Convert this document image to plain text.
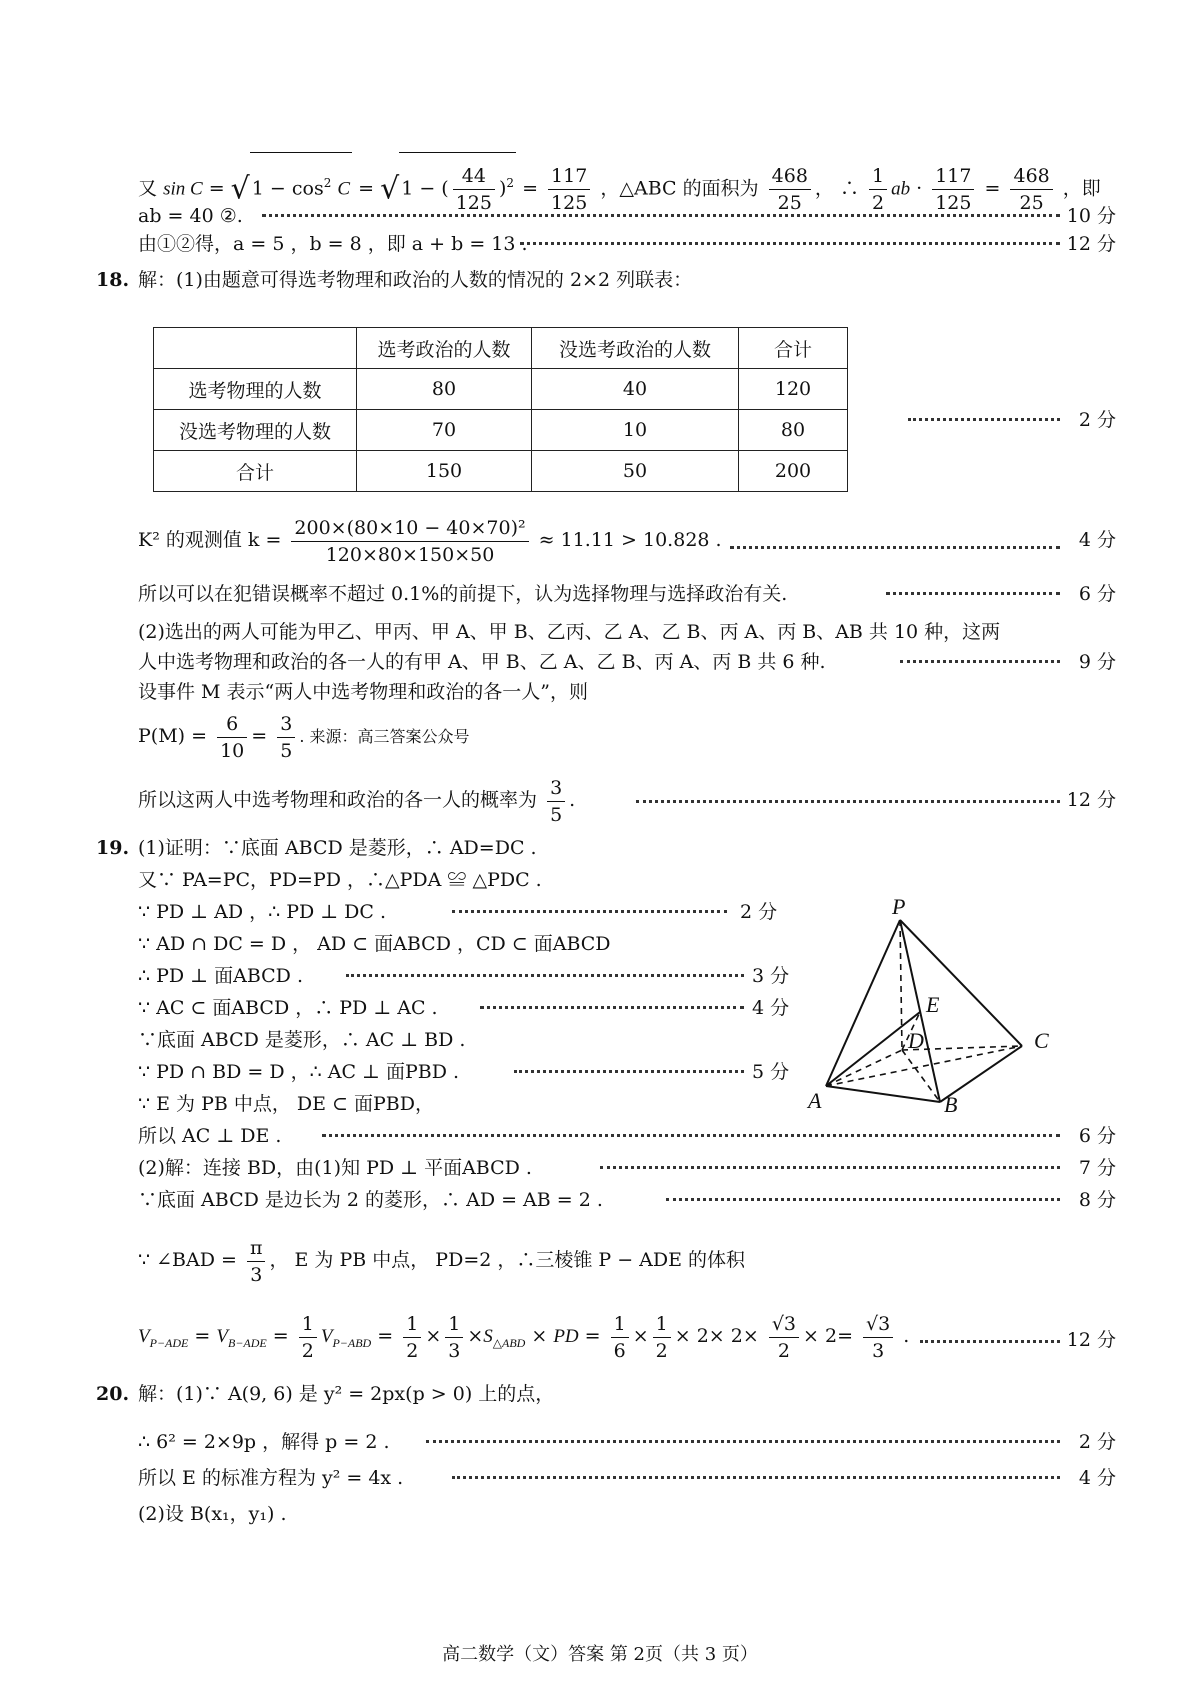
又 sin C = √ $1 - \cos^2 C$ = √ 1 − ( $\frac{44}{125} )^2 = \frac{117}{125}$ ，△ABC 的面积为 $\frac{468}{25}$ ， ∴ $\frac{1}{2}$ ab · $\frac{117}{125} = \frac{468}{25}$ ，即
ab = 40 ②.	10 分
由①②得，a = 5 ，b = 8 ，即 a + b = 13 .	12 分
18. 解：(1)由题意可得选考物理和政治的人数的情况的 2×2 列联表：
	选考政治的人数	没选考政治的人数	合计
选考物理的人数	80	40	120
没选考物理的人数	70	10	80
合计	150	50	200
2 分
K² 的观测值 $k = \frac{\text{200×(80×10 − 40×70)²}}{120\times 80\times 150\times 50} \approx 11.11 > 10.828$ .	4 分
所以可以在犯错误概率不超过 0.1%的前提下，认为选择物理与选择政治有关.	6 分
(2)选出的两人可能为甲乙、甲丙、甲 A、甲 B、乙丙、乙 A、乙 B、丙 A、丙 B、AB 共 10 种，这两
人中选考物理和政治的各一人的有甲 A、甲 B、乙 A、乙 B、丙 A、丙 B 共 6 种.	9 分
设事件 M 表示“两人中选考物理和政治的各一人”，则
$P(M) = \frac{6}{10} = \frac{3}{5}$ . 来源：高三答案公众号
所以这两人中选考物理和政治的各一人的概率为 $\frac{3}{5}$ .	12 分
19. (1)证明：∵底面 ABCD 是菱形，∴ AD=DC .
又∵ PA=PC，PD=PD ，∴△PDA ≌ △PDC .
∵ PD ⊥ AD ，∴ PD ⊥ DC .	2 分
∵ AD ∩ DC = D ， AD ⊂ 面ABCD ，CD ⊂ 面ABCD
∴ PD ⊥ 面ABCD .	3 分
∵ AC ⊂ 面ABCD ，∴ PD ⊥ AC .	4 分
∵底面 ABCD 是菱形，∴ AC ⊥ BD .
∵ PD ∩ BD = D ，∴ AC ⊥ 面PBD .	5 分
∵ E 为 PB 中点， DE ⊂ 面PBD，
所以 AC ⊥ DE .	6 分
(2)解：连接 BD，由(1)知 PD ⊥ 平面ABCD .	7 分
∵底面 ABCD 是边长为 2 的菱形，∴ AD = AB = 2 .	8 分
∵ ∠BAD = $\frac{\pi}{3}$ ， E 为 PB 中点， PD=2 ，∴三棱锥 P − ADE 的体积
$V_{P-ADE} = V_{B-ADE} = \frac{1}{2} V_{P-ABD} = \frac{1}{2} \times \frac{1}{3} \times S_{\triangle ABD}$ × PD = $\frac{1}{6} \times \frac{1}{2} \times 2\times 2\times \frac{√3}{2} \times 2= \frac{√3}{3}$ .	12 分
P
E
D	C
A	B
20. 解：(1)∵ A(9, 6) 是 y² = 2px(p > 0) 上的点，
∴ 6² = 2×9p ，解得 p = 2 .	2 分
所以 E 的标准方程为 y² = 4x .	4 分
(2)设 B(x₁，y₁) .
高二数学（文）答案 第 2页（共 3 页）
